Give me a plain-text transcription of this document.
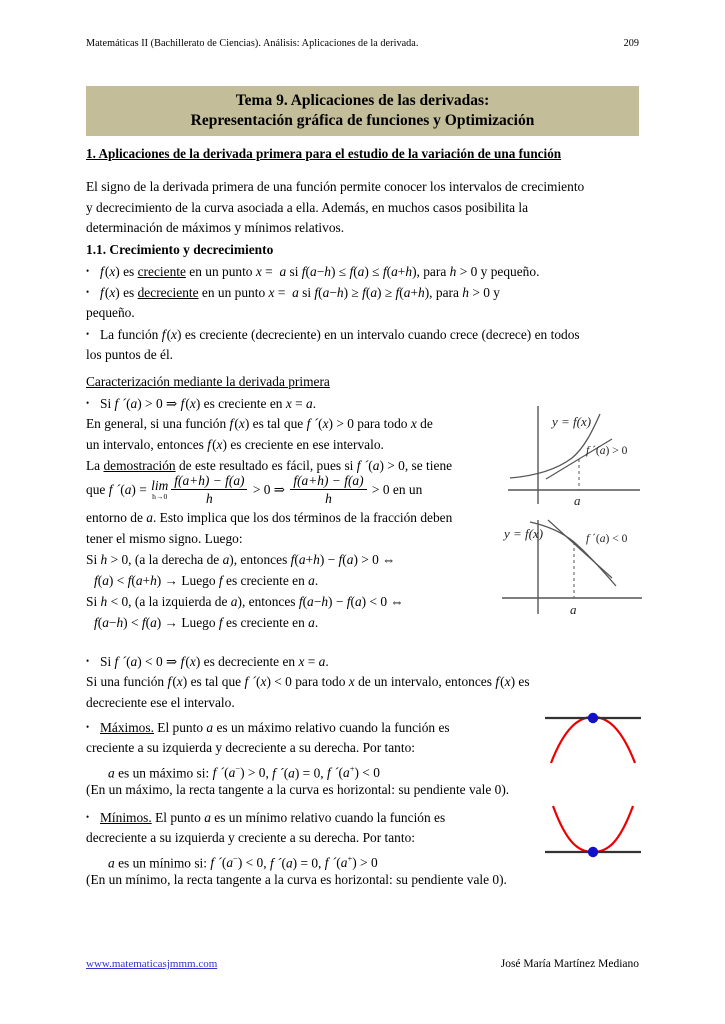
Matemáticas II (Bachillerato de Ciencias). Análisis: Aplicaciones de la derivada.	209
Tema 9. Aplicaciones de las derivadas:
Representación gráfica de funciones y Optimización
1. Aplicaciones de la derivada primera para el estudio de la variación de una función
El signo de la derivada primera de una función permite conocer los intervalos de crecimiento
y decrecimiento de la curva asociada a ella. Además, en muchos casos posibilita la
determinación de máximos y mínimos relativos.
1.1. Crecimiento y decrecimiento
•f (x) es creciente en un punto x =  a si f(a−h) ≤ f(a) ≤ f(a+h), para h > 0 y pequeño.
•f (x) es decreciente en un punto x =  a si f(a−h) ≥ f(a) ≥ f(a+h), para h > 0 y
pequeño.
•La función f (x) es creciente (decreciente) en un intervalo cuando crece (decrece) en todos
los puntos de él.
Caracterización mediante la derivada primera
•Si f ´(a) > 0 ⇒ f (x) es creciente en x = a.
En general, si una función f (x) es tal que f ´(x) > 0 para todo x de
un intervalo, entonces f (x) es creciente en ese intervalo.
La demostración de este resultado es fácil, pues si f ´(a) > 0, se tiene
que f ´(a) = lim
$h\to 0 \frac{f(a+h) - f(a)}{h} > 0$ ⇒ $\frac{f(a+h) - f(a)}{h} > 0$ en un
entorno de a. Esto implica que los dos términos de la fracción deben
tener el mismo signo. Luego:
Si h > 0, (a la derecha de a), entonces f(a+h) − f(a) > 0 ⇔
f(a) < f(a+h) → Luego f es creciente en a.
Si h < 0, (a la izquierda de a), entonces f(a−h) − f(a) < 0 ⇔
f(a−h) < f(a) → Luego f es creciente en a.
•Si f ´(a) < 0 ⇒ f (x) es decreciente en x = a.
Si una función f (x) es tal que f ´(x) < 0 para todo x de un intervalo, entonces f (x) es
decreciente ese el intervalo.
•Máximos. El punto a es un máximo relativo cuando la función es
creciente a su izquierda y decreciente a su derecha. Por tanto:
a es un máximo si: f ´(a−) > 0, f ´(a) = 0, f ´(a+) < 0
(En un máximo, la recta tangente a la curva es horizontal: su pendiente vale 0).
•Mínimos. El punto a es un mínimo relativo cuando la función es
decreciente a su izquierda y creciente a su derecha. Por tanto:
a es un mínimo si: f ´(a−) < 0, f ´(a) = 0, f ´(a+) > 0
(En un mínimo, la recta tangente a la curva es horizontal: su pendiente vale 0).
y = f(x)
f ´(a) > 0
a
y = f(x)	f ´(a) < 0
a
www.matematicasjmmm.com	José María Martínez Mediano
